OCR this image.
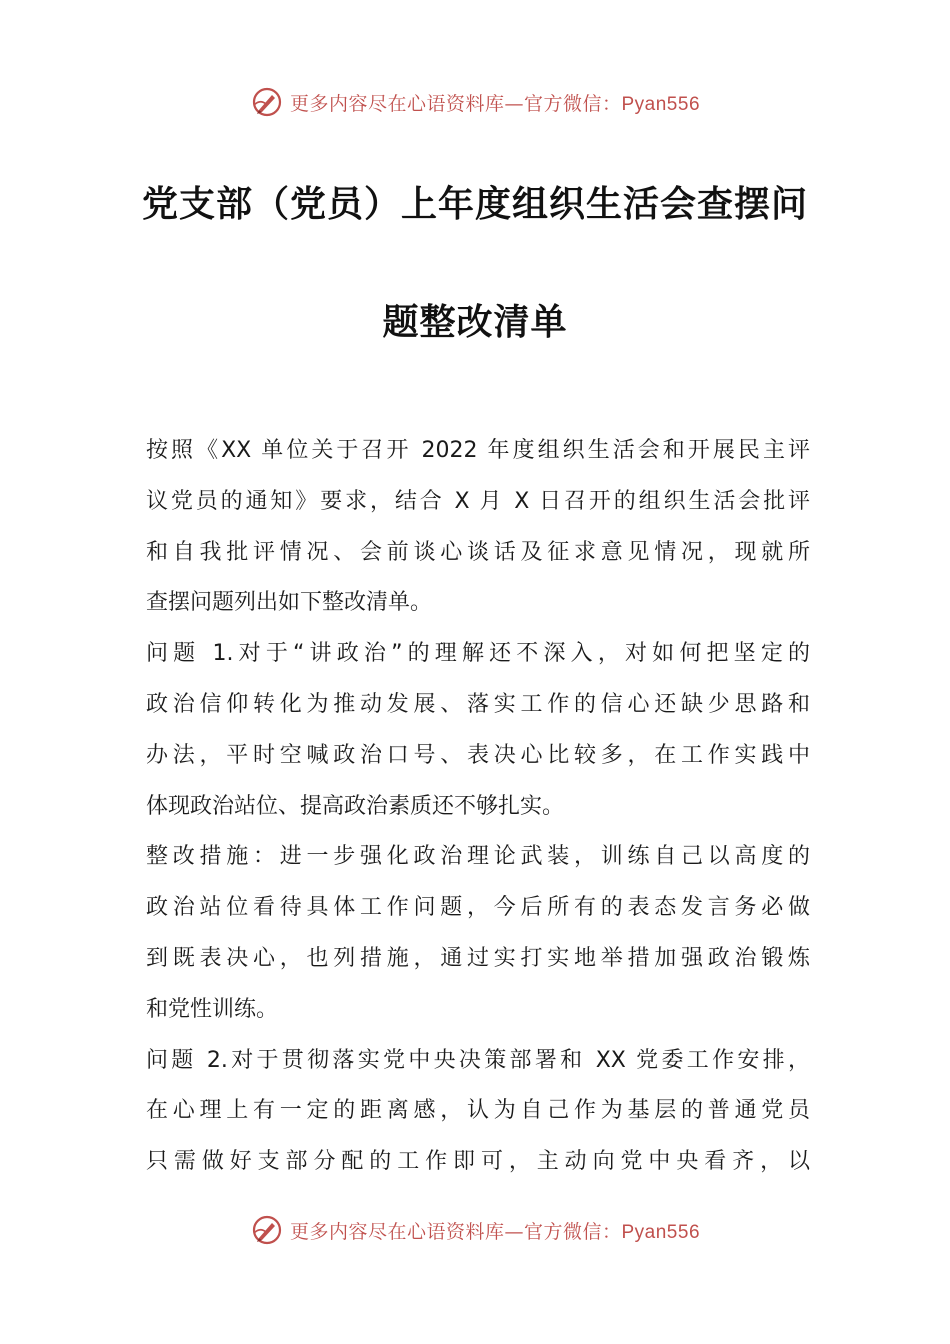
更多内容尽在心语资料库—官方微信：Pyan556
党支部（党员）上年度组织生活会查摆问
题整改清单

按照《XX 单位关于召开 2022 年度组织生活会和开展民主评
议党员的通知》要求，结合 X 月 X 日召开的组织生活会批评
和自我批评情况、会前谈心谈话及征求意见情况，现就所
查摆问题列出如下整改清单。

问题 1.对于“讲政治”的理解还不深入，对如何把坚定的
政治信仰转化为推动发展、落实工作的信心还缺少思路和
办法，平时空喊政治口号、表决心比较多，在工作实践中
体现政治站位、提高政治素质还不够扎实。

整改措施：进一步强化政治理论武装，训练自己以高度的
政治站位看待具体工作问题，今后所有的表态发言务必做
到既表决心，也列措施，通过实打实地举措加强政治锻炼
和党性训练。

问题 2.对于贯彻落实党中央决策部署和 XX 党委工作安排，
在心理上有一定的距离感，认为自己作为基层的普通党员
只需做好支部分配的工作即可，主动向党中央看齐，以

更多内容尽在心语资料库—官方微信：Pyan556
